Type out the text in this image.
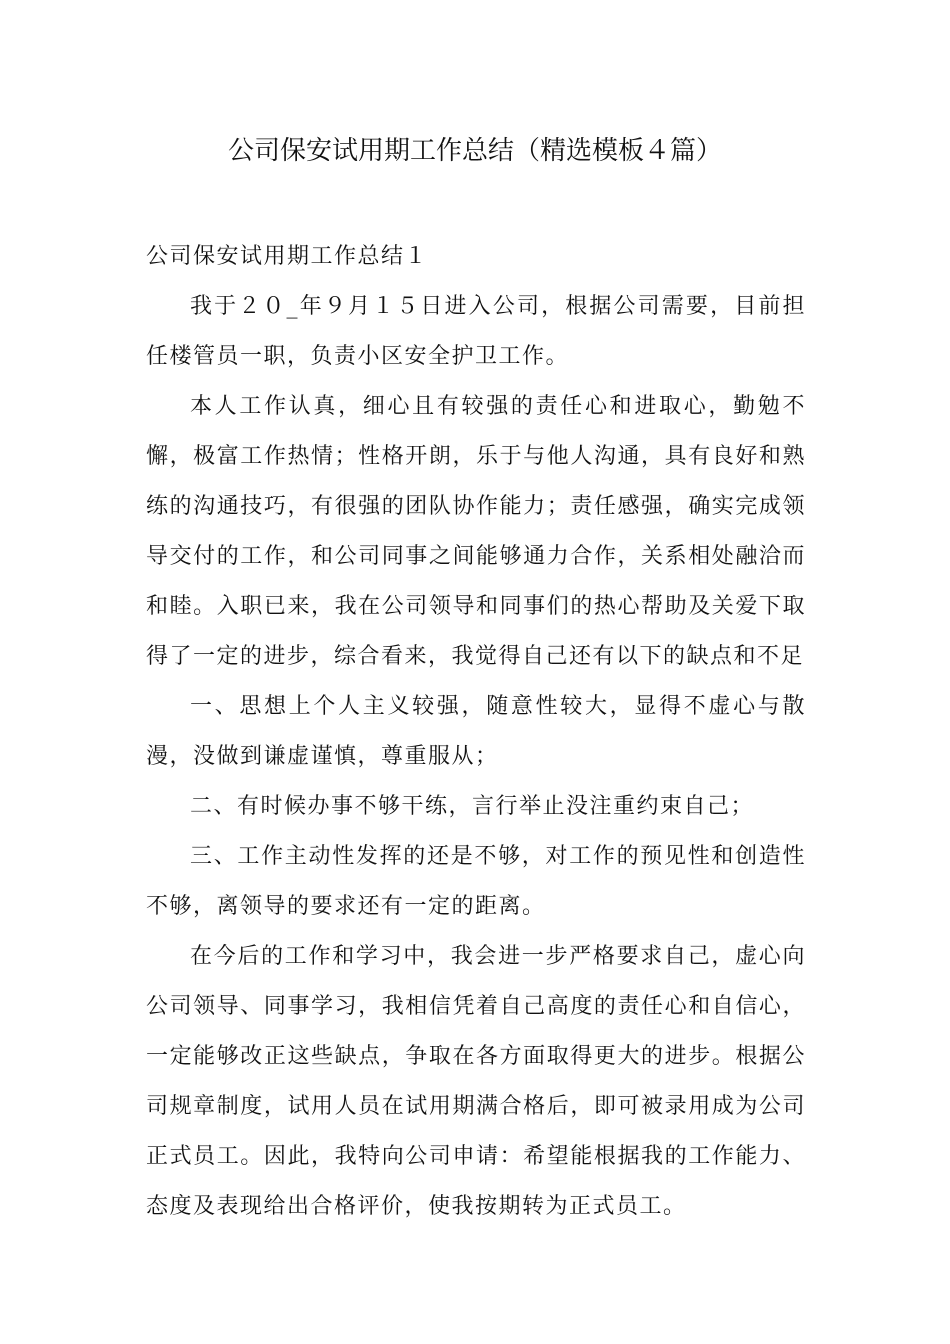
公司保安试用期工作总结（精选模板４篇）

公司保安试用期工作总结１

我于２０_年９月１５日进入公司，根据公司需要，目前担任楼管员一职，负责小区安全护卫工作。

本人工作认真，细心且有较强的责任心和进取心，勤勉不懈，极富工作热情；性格开朗，乐于与他人沟通，具有良好和熟练的沟通技巧，有很强的团队协作能力；责任感强，确实完成领导交付的工作，和公司同事之间能够通力合作，关系相处融洽而和睦。入职已来，我在公司领导和同事们的热心帮助及关爱下取得了一定的进步，综合看来，我觉得自己还有以下的缺点和不足

一、思想上个人主义较强，随意性较大，显得不虚心与散漫，没做到谦虚谨慎，尊重服从；

二、有时候办事不够干练，言行举止没注重约束自己；

三、工作主动性发挥的还是不够，对工作的预见性和创造性不够，离领导的要求还有一定的距离。

在今后的工作和学习中，我会进一步严格要求自己，虚心向公司领导、同事学习，我相信凭着自己高度的责任心和自信心，一定能够改正这些缺点，争取在各方面取得更大的进步。根据公司规章制度，试用人员在试用期满合格后，即可被录用成为公司正式员工。因此，我特向公司申请：希望能根据我的工作能力、态度及表现给出合格评价，使我按期转为正式员工。
